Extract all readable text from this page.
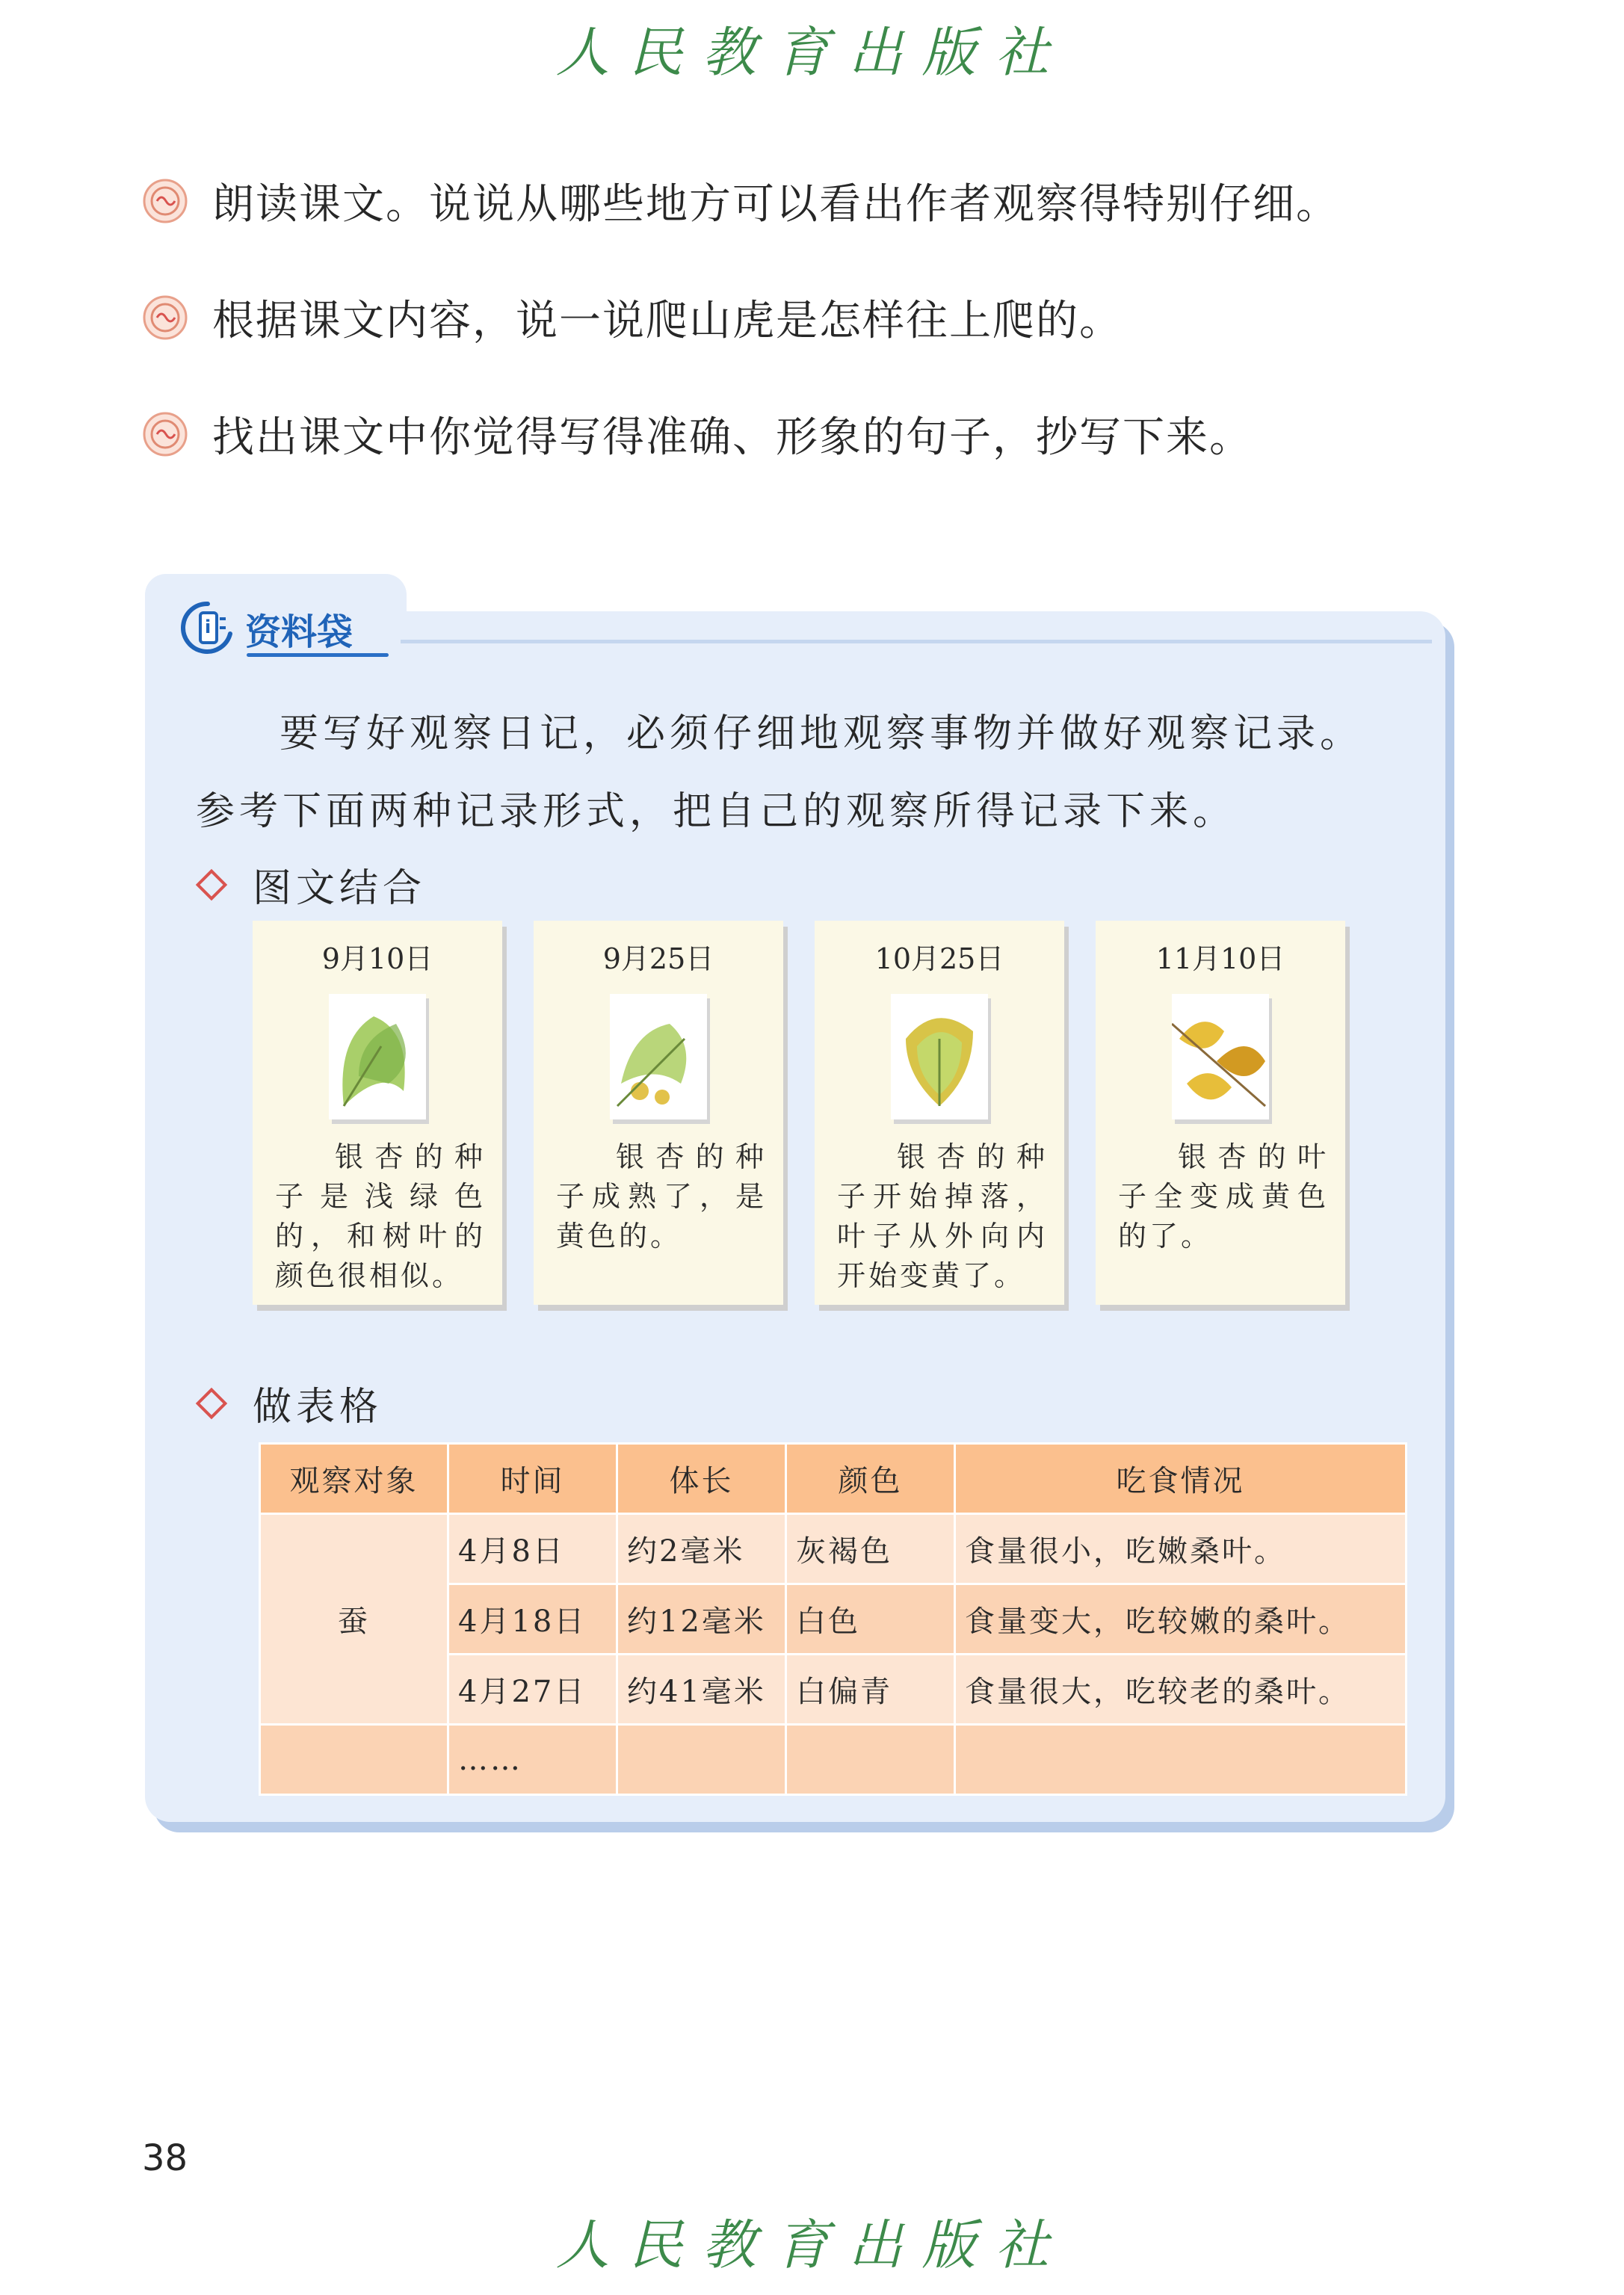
人民教育出版社
朗读课文。说说从哪些地方可以看出作者观察得特别仔细。
根据课文内容，说一说爬山虎是怎样往上爬的。
找出课文中你觉得写得准确、形象的句子，抄写下来。
i 资料袋
要写好观察日记，必须仔细地观察事物并做好观察记录。
参考下面两种记录形式，把自己的观察所得记录下来。
图文结合
9月10日
银杏的种子是浅绿色的，和树叶的颜色很相似。
9月25日
银杏的种子成熟了，是黄色的。
10月25日
银杏的种子开始掉落，叶子从外向内开始变黄了。
11月10日
银杏的叶子全变成黄色的了。
做表格
观察对象	时间	体长	颜色	吃食情况
蚕	4月8日	约2毫米	灰褐色	食量很小，吃嫩桑叶。
	4月18日	约12毫米	白色	食量变大，吃较嫩的桑叶。
	4月27日	约41毫米	白偏青	食量很大，吃较老的桑叶。
	……			
38
人民教育出版社
